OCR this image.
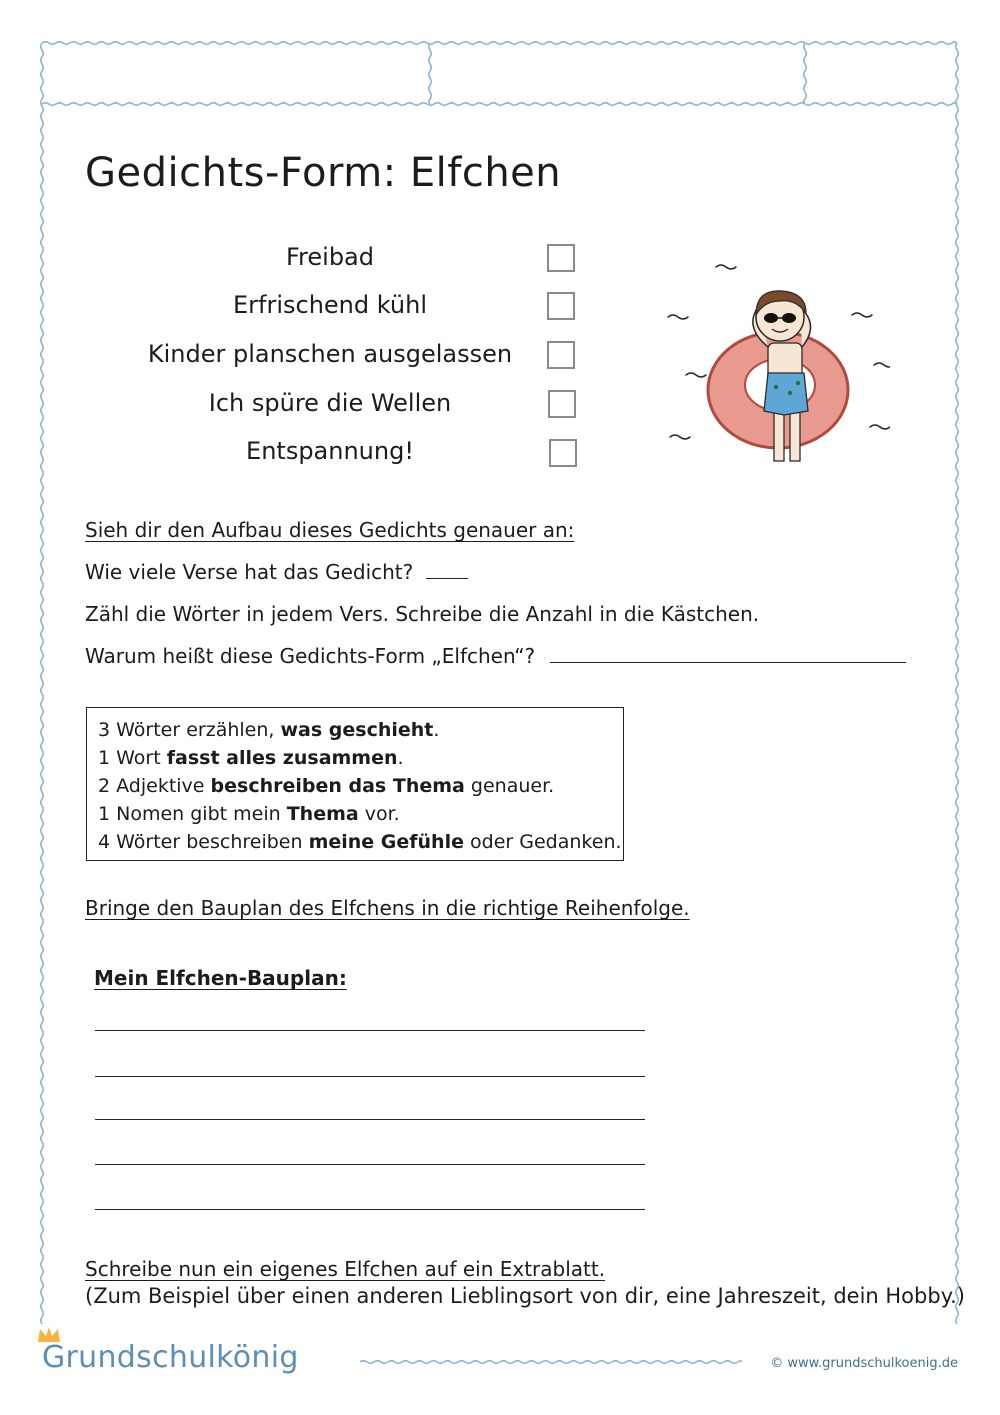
Gedichts-Form: Elfchen
Freibad
Erfrischend kühl
Kinder planschen ausgelassen
Ich spüre die Wellen
Entspannung!
Sieh dir den Aufbau dieses Gedichts genauer an:
Wie viele Verse hat das Gedicht?
Zähl die Wörter in jedem Vers. Schreibe die Anzahl in die Kästchen.
Warum heißt diese Gedichts-Form „Elfchen“?
3 Wörter erzählen, was geschieht.
1 Wort fasst alles zusammen.
2 Adjektive beschreiben das Thema genauer.
1 Nomen gibt mein Thema vor.
4 Wörter beschreiben meine Gefühle oder Gedanken.
Bringe den Bauplan des Elfchens in die richtige Reihenfolge.
Mein Elfchen-Bauplan:
Schreibe nun ein eigenes Elfchen auf ein Extrablatt.
(Zum Beispiel über einen anderen Lieblingsort von dir, eine Jahreszeit, dein Hobby.)
Grundschulkönig	© www.grundschulkoenig.de
